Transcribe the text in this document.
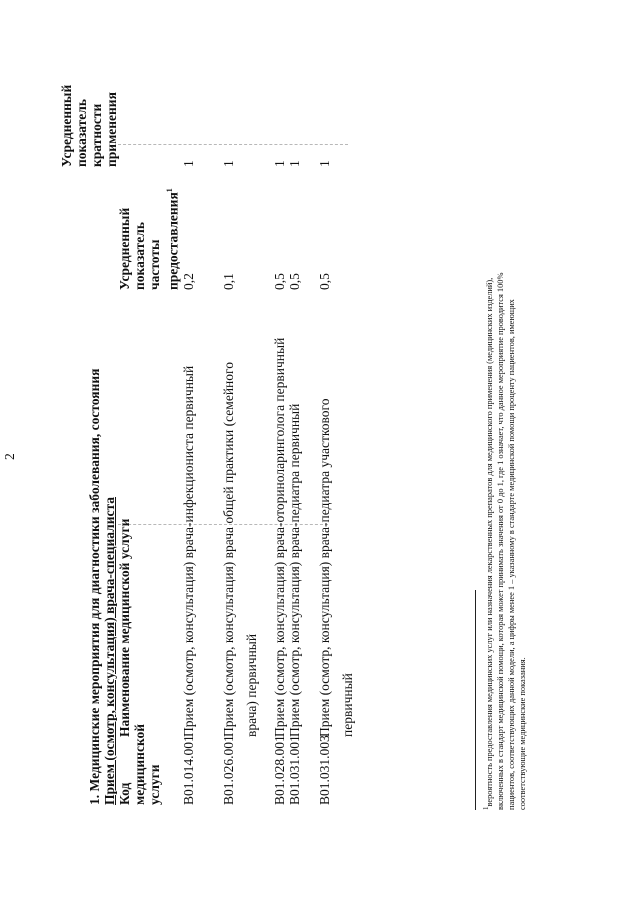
2	1. Медицинские мероприятия для диагностики заболевания, состояния Прием (осмотр, консультация) врача-специалиста Код медицинской услуги
Наименование медицинской услуги
Усредненный показатель частоты предоставления$^1$
Усредненный показатель кратности применения
B01.014.001
Прием (осмотр, консультация) врача-инфекциониста первичный
0,2
1
B01.026.001
Прием (осмотр, консультация) врача общей практики (семейного врача) первичный
0,1
1
B01.028.001
Прием (осмотр, консультация) врача-оториноларинголога первичный
0,5
1
B01.031.001
Прием (осмотр, консультация) врача-педиатра первичный
0,5
1
B01.031.003
Прием (осмотр, консультация) врача-педиатра участкового первичный
0,5
1
$^1$вероятность предоставления медицинских услуг или назначения лекарственных препаратов для медицинского применения (медицинских изделий), включенных в стандарт медицинской помощи, которая может принимать значения от 0 до 1, где 1 означает, что данное мероприятие проводится 100% пациентов, соответствующих данной модели, а цифры менее 1 – указанному в стандарте медицинской помощи проценту пациентов, имеющих соответствующие медицинские показания.
